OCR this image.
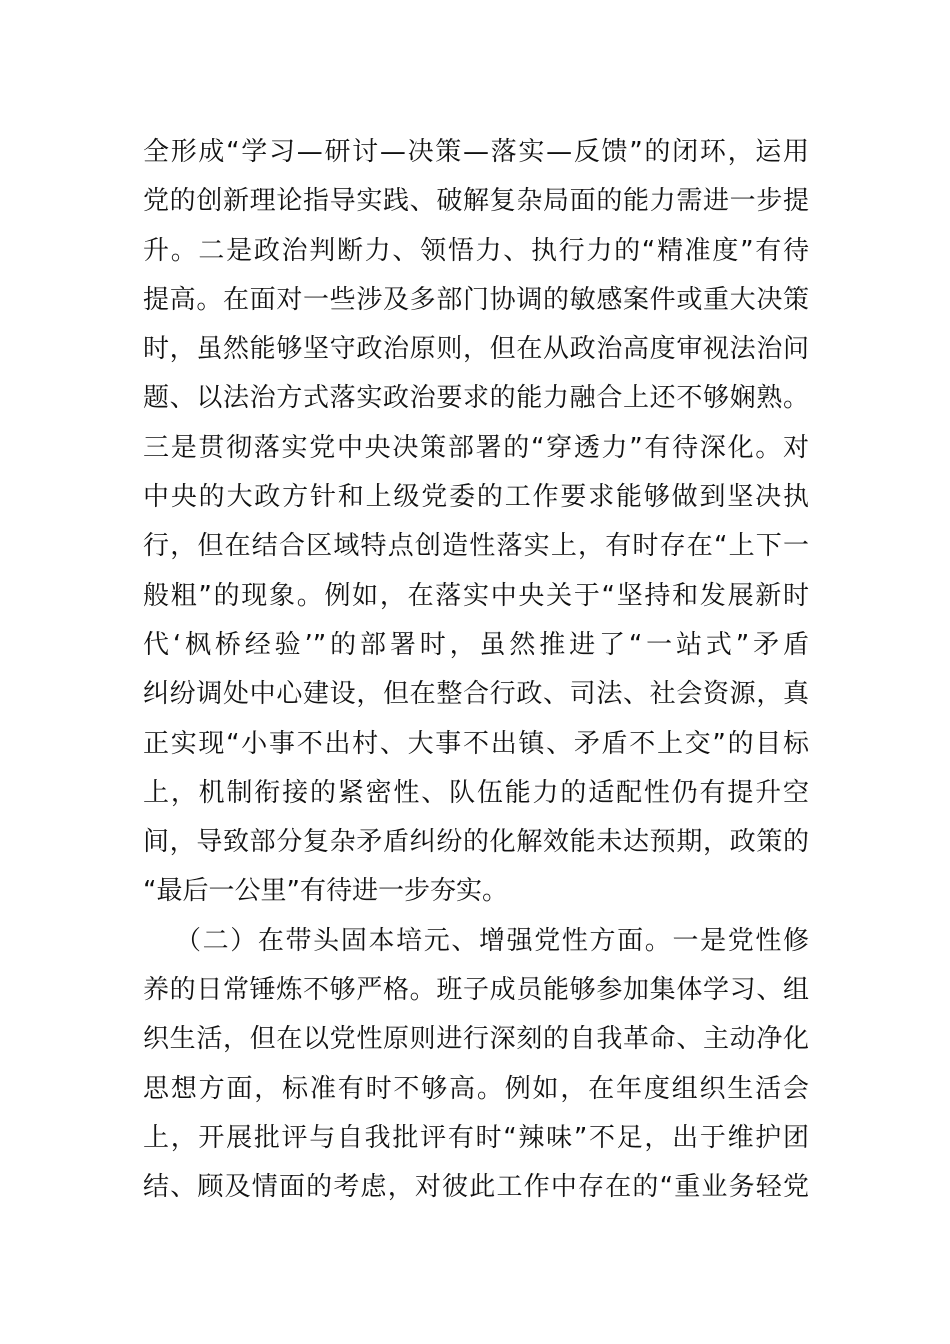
全形成“学习—研讨—决策—落实—反馈”的闭环，运用
党的创新理论指导实践、破解复杂局面的能力需进一步提
升。二是政治判断力、领悟力、执行力的“精准度”有待
提高。在面对一些涉及多部门协调的敏感案件或重大决策
时，虽然能够坚守政治原则，但在从政治高度审视法治问
题、以法治方式落实政治要求的能力融合上还不够娴熟。
三是贯彻落实党中央决策部署的“穿透力”有待深化。对
中央的大政方针和上级党委的工作要求能够做到坚决执
行，但在结合区域特点创造性落实上，有时存在“上下一
般粗”的现象。例如，在落实中央关于“坚持和发展新时
代‘枫桥经验’”的部署时，虽然推进了“一站式”矛盾
纠纷调处中心建设，但在整合行政、司法、社会资源，真
正实现“小事不出村、大事不出镇、矛盾不上交”的目标
上，机制衔接的紧密性、队伍能力的适配性仍有提升空
间，导致部分复杂矛盾纠纷的化解效能未达预期，政策的
“最后一公里”有待进一步夯实。
（二）在带头固本培元、增强党性方面。一是党性修
养的日常锤炼不够严格。班子成员能够参加集体学习、组
织生活，但在以党性原则进行深刻的自我革命、主动净化
思想方面，标准有时不够高。例如，在年度组织生活会
上，开展批评与自我批评有时“辣味”不足，出于维护团
结、顾及情面的考虑，对彼此工作中存在的“重业务轻党
